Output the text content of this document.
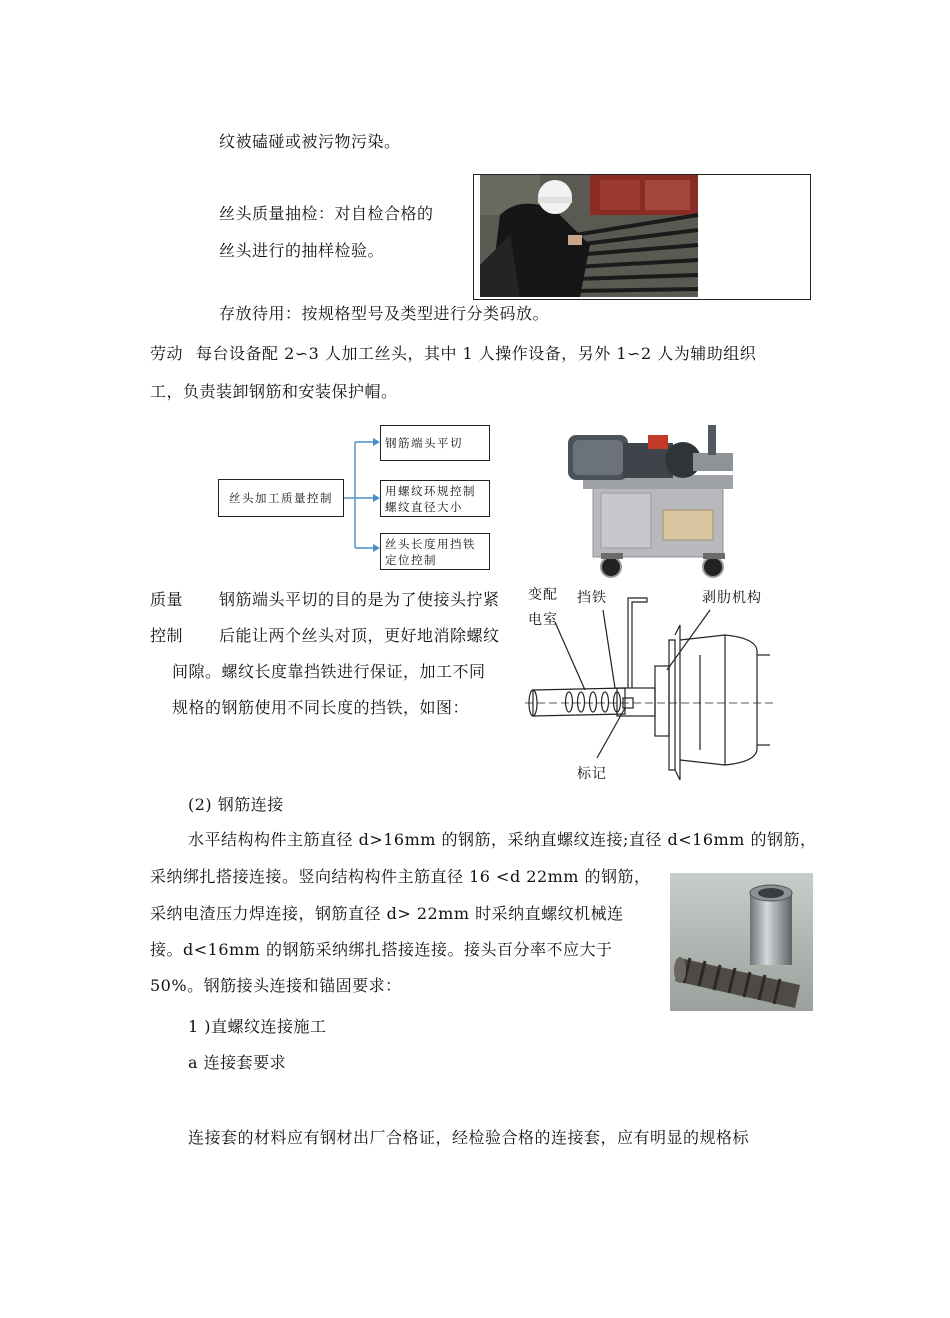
纹被磕碰或被污物污染。
丝头质量抽检：对自检合格的
丝头进行的抽样检验。
存放待用：按规格型号及类型进行分类码放。
劳动 每台设备配 2∽3 人加工丝头，其中 1 人操作设备，另外 1∽2 人为辅助组织
工，负责装卸钢筋和安装保护帽。
丝头加工质量控制
钢筋端头平切
用螺纹环规控制
螺纹直径大小
丝头长度用挡铁
定位控制
质量 钢筋端头平切的目的是为了使接头拧紧
控制 后能让两个丝头对顶，更好地消除螺纹
间隙。螺纹长度靠挡铁进行保证，加工不同
规格的钢筋使用不同长度的挡铁，如图：
变配
电室
挡铁	剥肋机构
标记
(2) 钢筋连接
水平结构构件主筋直径 d>16mm 的钢筋，采纳直螺纹连接;直径 d<16mm 的钢筋，
采纳绑扎搭接连接。竖向结构构件主筋直径 16 <d 22mm 的钢筋，
采纳电渣压力焊连接，钢筋直径 d> 22mm 时采纳直螺纹机械连
接。d<16mm 的钢筋采纳绑扎搭接连接。接头百分率不应大于
50%。钢筋接头连接和锚固要求：
1 )直螺纹连接施工
a 连接套要求
连接套的材料应有钢材出厂合格证，经检验合格的连接套，应有明显的规格标
